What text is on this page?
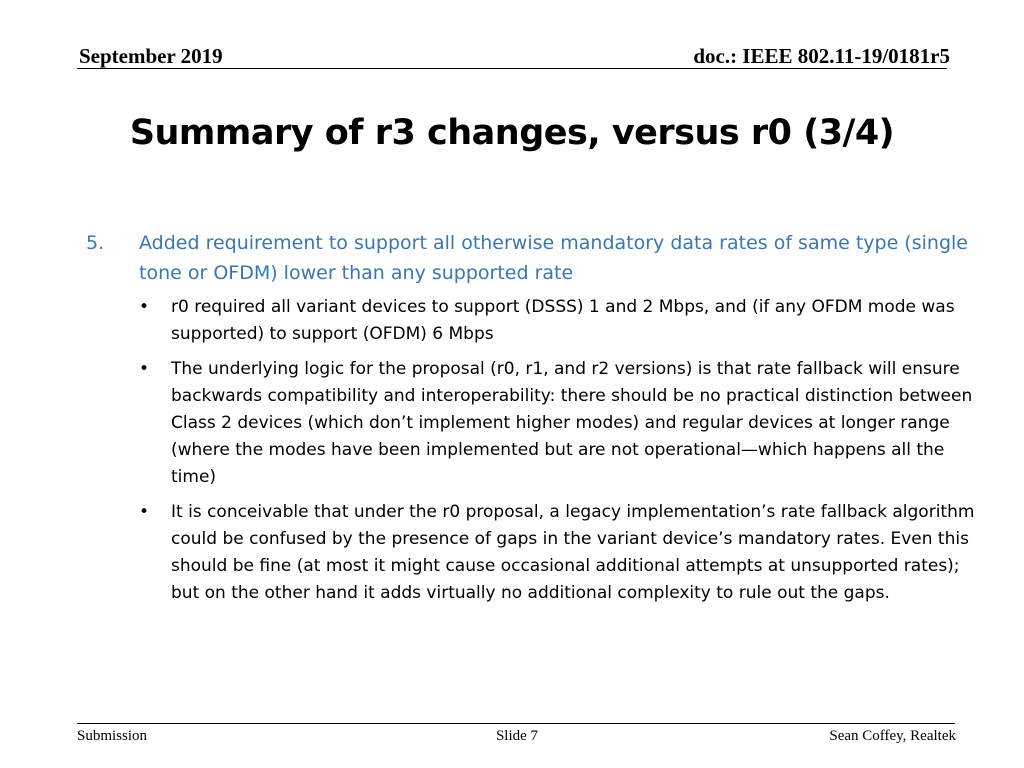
September 2019	doc.: IEEE 802.11-19/0181r5
Summary of r3 changes, versus r0 (3/4)
5. Added requirement to support all otherwise mandatory data rates of same type (single tone or OFDM) lower than any supported rate
• r0 required all variant devices to support (DSSS) 1 and 2 Mbps, and (if any OFDM mode was supported) to support (OFDM) 6 Mbps
• The underlying logic for the proposal (r0, r1, and r2 versions) is that rate fallback will ensure backwards compatibility and interoperability: there should be no practical distinction between Class 2 devices (which don’t implement higher modes) and regular devices at longer range (where the modes have been implemented but are not operational—which happens all the time)
• It is conceivable that under the r0 proposal, a legacy implementation’s rate fallback algorithm could be confused by the presence of gaps in the variant device’s mandatory rates. Even this should be fine (at most it might cause occasional additional attempts at unsupported rates); but on the other hand it adds virtually no additional complexity to rule out the gaps.
Submission	Slide 7	Sean Coffey, Realtek
